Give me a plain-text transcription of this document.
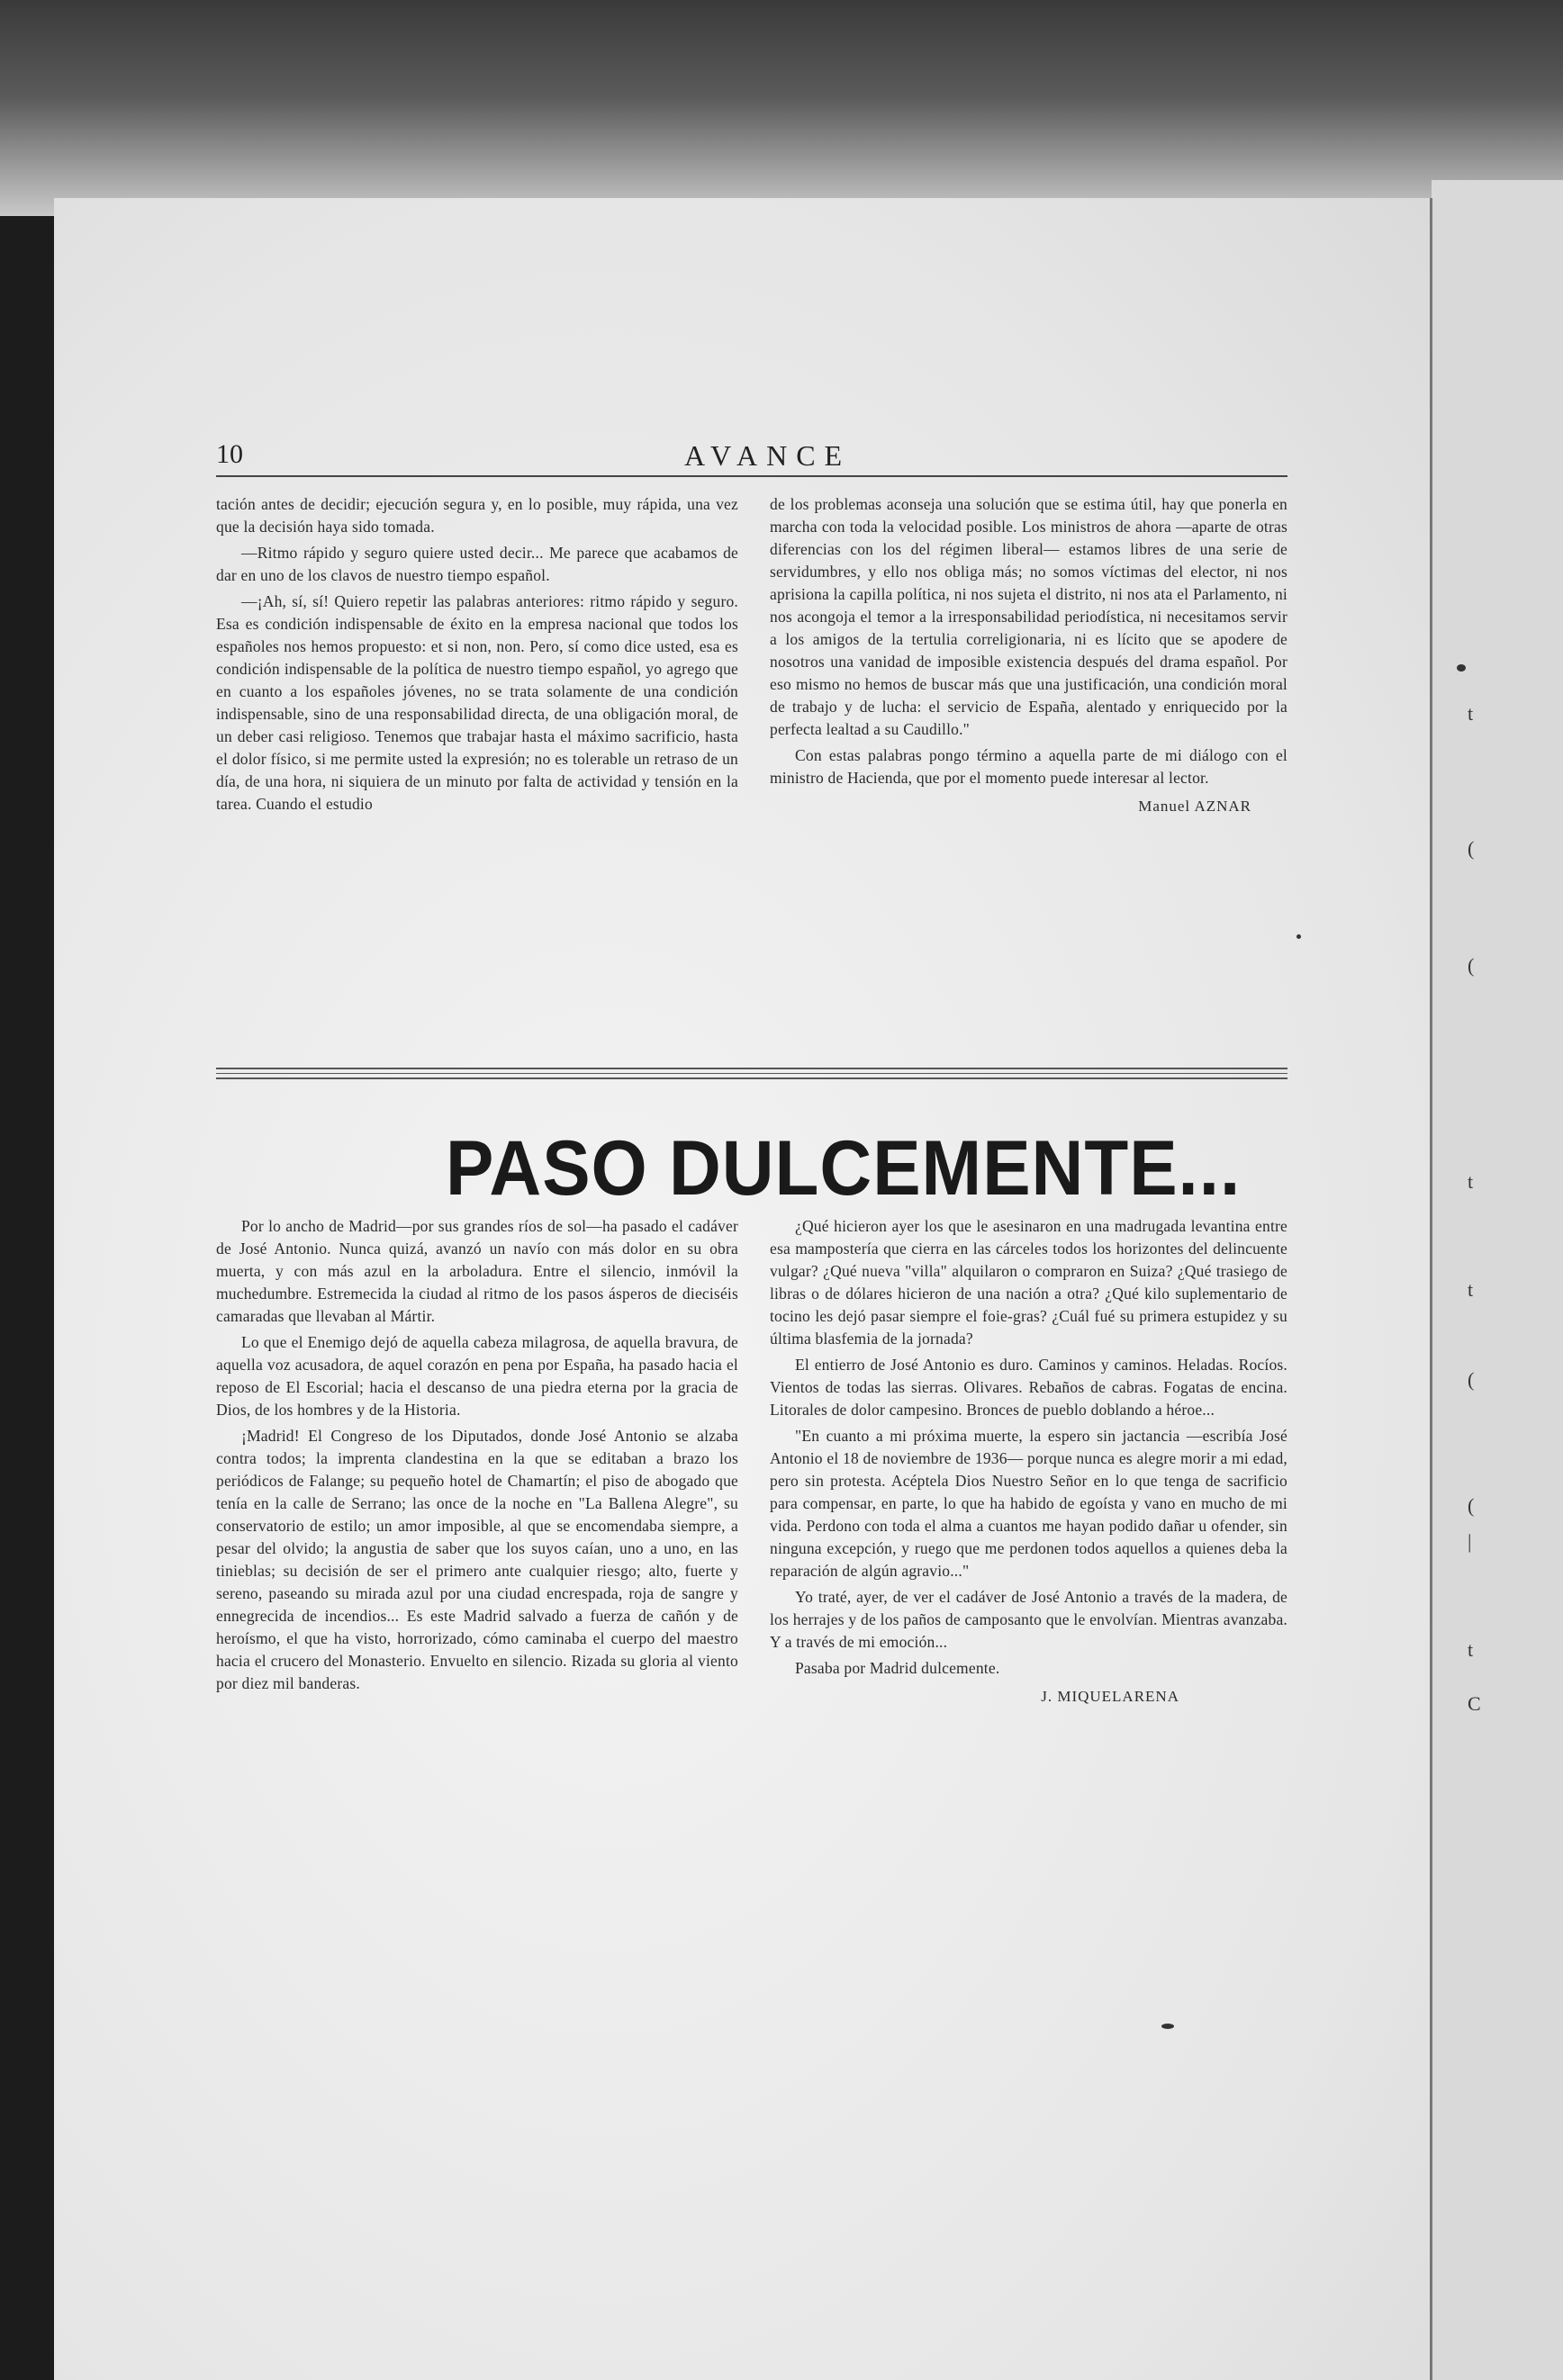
10	AVANCE

tación antes de decidir; ejecución segura y, en lo posible, muy rápida, una vez que la decisión haya sido tomada.

—Ritmo rápido y seguro quiere usted decir... Me parece que acabamos de dar en uno de los clavos de nuestro tiempo español.

—¡Ah, sí, sí! Quiero repetir las palabras anteriores: ritmo rápido y seguro. Esa es condición indispensable de éxito en la empresa nacional que todos los españoles nos hemos propuesto: et si non, non. Pero, sí como dice usted, esa es condición indispensable de la política de nuestro tiempo español, yo agrego que en cuanto a los españoles jóvenes, no se trata solamente de una condición indispensable, sino de una responsabilidad directa, de una obligación moral, de un deber casi religioso. Tenemos que trabajar hasta el máximo sacrificio, hasta el dolor físico, si me permite usted la expresión; no es tolerable un retraso de un día, de una hora, ni siquiera de un minuto por falta de actividad y tensión en la tarea. Cuando el estudio

de los problemas aconseja una solución que se estima útil, hay que ponerla en marcha con toda la velocidad posible. Los ministros de ahora —aparte de otras diferencias con los del régimen liberal— estamos libres de una serie de servidumbres, y ello nos obliga más; no somos víctimas del elector, ni nos aprisiona la capilla política, ni nos sujeta el distrito, ni nos ata el Parlamento, ni nos acongoja el temor a la irresponsabilidad periodística, ni necesitamos servir a los amigos de la tertulia correligionaria, ni es lícito que se apodere de nosotros una vanidad de imposible existencia después del drama español. Por eso mismo no hemos de buscar más que una justificación, una condición moral de trabajo y de lucha: el servicio de España, alentado y enriquecido por la perfecta lealtad a su Caudillo."

Con estas palabras pongo término a aquella parte de mi diálogo con el ministro de Hacienda, que por el momento puede interesar al lector.

Manuel AZNAR
PASO DULCEMENTE...

Por lo ancho de Madrid—por sus grandes ríos de sol—ha pasado el cadáver de José Antonio. Nunca quizá, avanzó un navío con más dolor en su obra muerta, y con más azul en la arboladura. Entre el silencio, inmóvil la muchedumbre. Estremecida la ciudad al ritmo de los pasos ásperos de dieciséis camaradas que llevaban al Mártir.

Lo que el Enemigo dejó de aquella cabeza milagrosa, de aquella bravura, de aquella voz acusadora, de aquel corazón en pena por España, ha pasado hacia el reposo de El Escorial; hacia el descanso de una piedra eterna por la gracia de Dios, de los hombres y de la Historia.

¡Madrid! El Congreso de los Diputados, donde José Antonio se alzaba contra todos; la imprenta clandestina en la que se editaban a brazo los periódicos de Falange; su pequeño hotel de Chamartín; el piso de abogado que tenía en la calle de Serrano; las once de la noche en "La Ballena Alegre", su conservatorio de estilo; un amor imposible, al que se encomendaba siempre, a pesar del olvido; la angustia de saber que los suyos caían, uno a uno, en las tinieblas; su decisión de ser el primero ante cualquier riesgo; alto, fuerte y sereno, paseando su mirada azul por una ciudad encrespada, roja de sangre y ennegrecida de incendios... Es este Madrid salvado a fuerza de cañón y de heroísmo, el que ha visto, horrorizado, cómo caminaba el cuerpo del maestro hacia el crucero del Monasterio. Envuelto en silencio. Rizada su gloria al viento por diez mil banderas.

¿Qué hicieron ayer los que le asesinaron en una madrugada levantina entre esa mampostería que cierra en las cárceles todos los horizontes del delincuente vulgar? ¿Qué nueva "villa" alquilaron o compraron en Suiza? ¿Qué trasiego de libras o de dólares hicieron de una nación a otra? ¿Qué kilo suplementario de tocino les dejó pasar siempre el foie-gras? ¿Cuál fué su primera estupidez y su última blasfemia de la jornada?

El entierro de José Antonio es duro. Caminos y caminos. Heladas. Rocíos. Vientos de todas las sierras. Olivares. Rebaños de cabras. Fogatas de encina. Litorales de dolor campesino. Bronces de pueblo doblando a héroe...

"En cuanto a mi próxima muerte, la espero sin jactancia —escribía José Antonio el 18 de noviembre de 1936— porque nunca es alegre morir a mi edad, pero sin protesta. Acéptela Dios Nuestro Señor en lo que tenga de sacrificio para compensar, en parte, lo que ha habido de egoísta y vano en mucho de mi vida. Perdono con toda el alma a cuantos me hayan podido dañar u ofender, sin ninguna excepción, y ruego que me perdonen todos aquellos a quienes deba la reparación de algún agravio..."

Yo traté, ayer, de ver el cadáver de José Antonio a través de la madera, de los herrajes y de los paños de camposanto que le envolvían. Mientras avanzaba. Y a través de mi emoción...

Pasaba por Madrid dulcemente.

J. MIQUELARENA
t
(
(
t
t
(
(
|
t
C
